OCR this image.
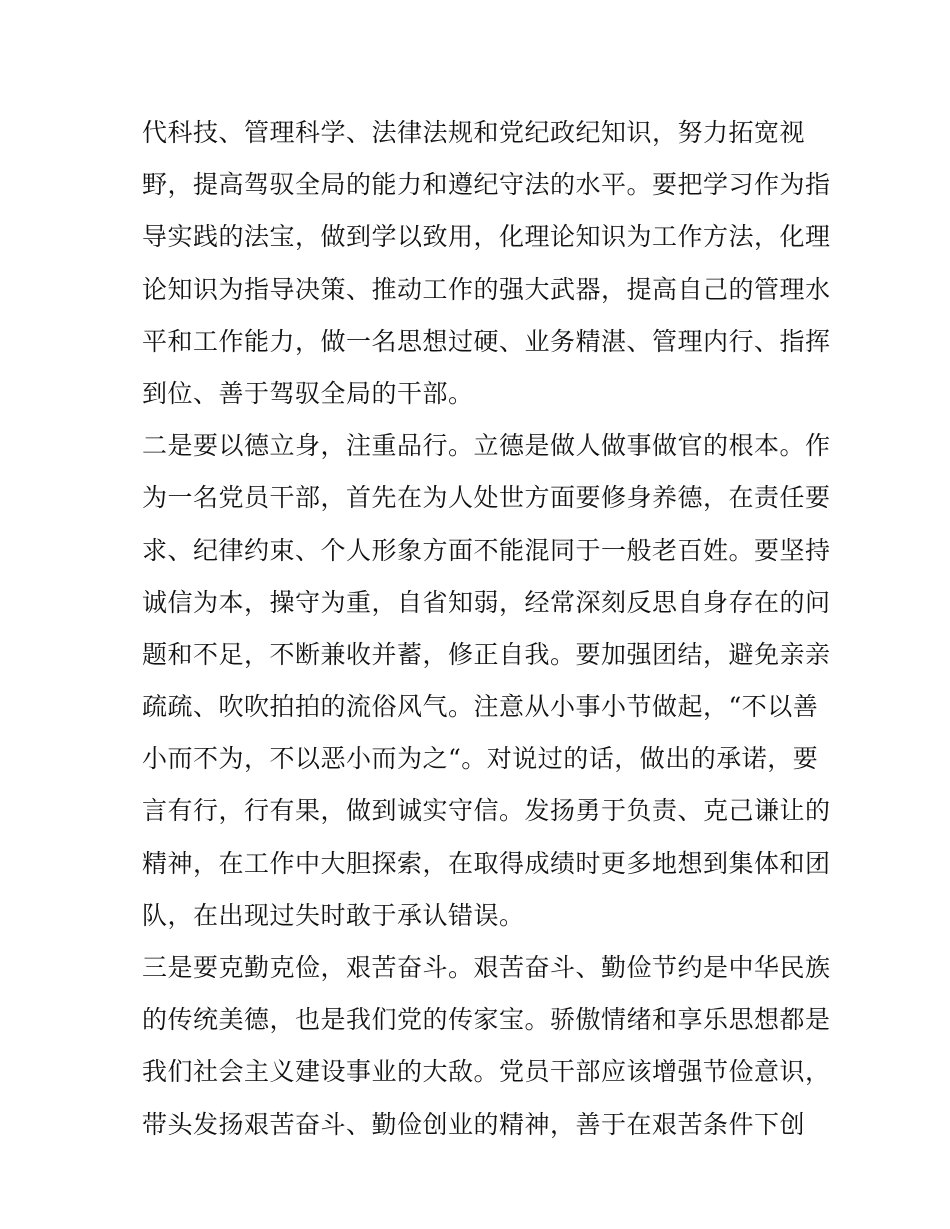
代科技、管理科学、法律法规和党纪政纪知识，努力拓宽视
野，提高驾驭全局的能力和遵纪守法的水平。要把学习作为指
导实践的法宝，做到学以致用，化理论知识为工作方法，化理
论知识为指导决策、推动工作的强大武器，提高自己的管理水
平和工作能力，做一名思想过硬、业务精湛、管理内行、指挥
到位、善于驾驭全局的干部。
二是要以德立身，注重品行。立德是做人做事做官的根本。作
为一名党员干部，首先在为人处世方面要修身养德，在责任要
求、纪律约束、个人形象方面不能混同于一般老百姓。要坚持
诚信为本，操守为重，自省知弱，经常深刻反思自身存在的问
题和不足，不断兼收并蓄，修正自我。要加强团结，避免亲亲
疏疏、吹吹拍拍的流俗风气。注意从小事小节做起，“不以善
小而不为，不以恶小而为之“。对说过的话，做出的承诺，要
言有行，行有果，做到诚实守信。发扬勇于负责、克己谦让的
精神，在工作中大胆探索，在取得成绩时更多地想到集体和团
队，在出现过失时敢于承认错误。
三是要克勤克俭，艰苦奋斗。艰苦奋斗、勤俭节约是中华民族
的传统美德，也是我们党的传家宝。骄傲情绪和享乐思想都是
我们社会主义建设事业的大敌。党员干部应该增强节俭意识，
带头发扬艰苦奋斗、勤俭创业的精神，善于在艰苦条件下创
